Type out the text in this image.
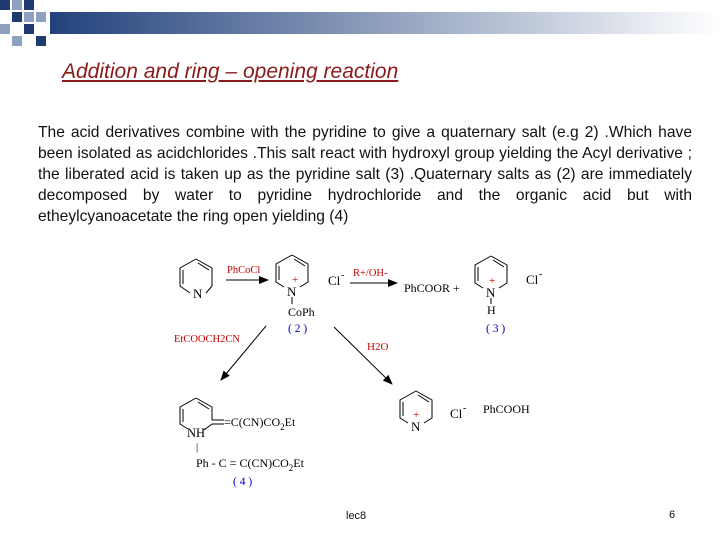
Addition and ring – opening reaction
The acid derivatives combine with the pyridine to give a quaternary salt (e.g 2) .Which have been isolated as acidchlorides .This salt react with hydroxyl group yielding the Acyl derivative ; the liberated acid is taken up as the pyridine salt (3) .Quaternary salts as (2) are immediately decomposed by water to pyridine hydrochloride and the organic acid but with etheylcyanoacetate the ring open yielding (4)
N
PhCoCl
+
N
CoPh
( 2 )
Cl - R+/OH-
PhCOOR +	+
N
H
( 3 )
Cl -
EtCOOCH2CN
H2O
$=C(CN)CO_2Et$
NH
|
$Ph - C = C(CN)CO_2Et$
( 4 )
+
N
Cl - PhCOOH
lec8	6
